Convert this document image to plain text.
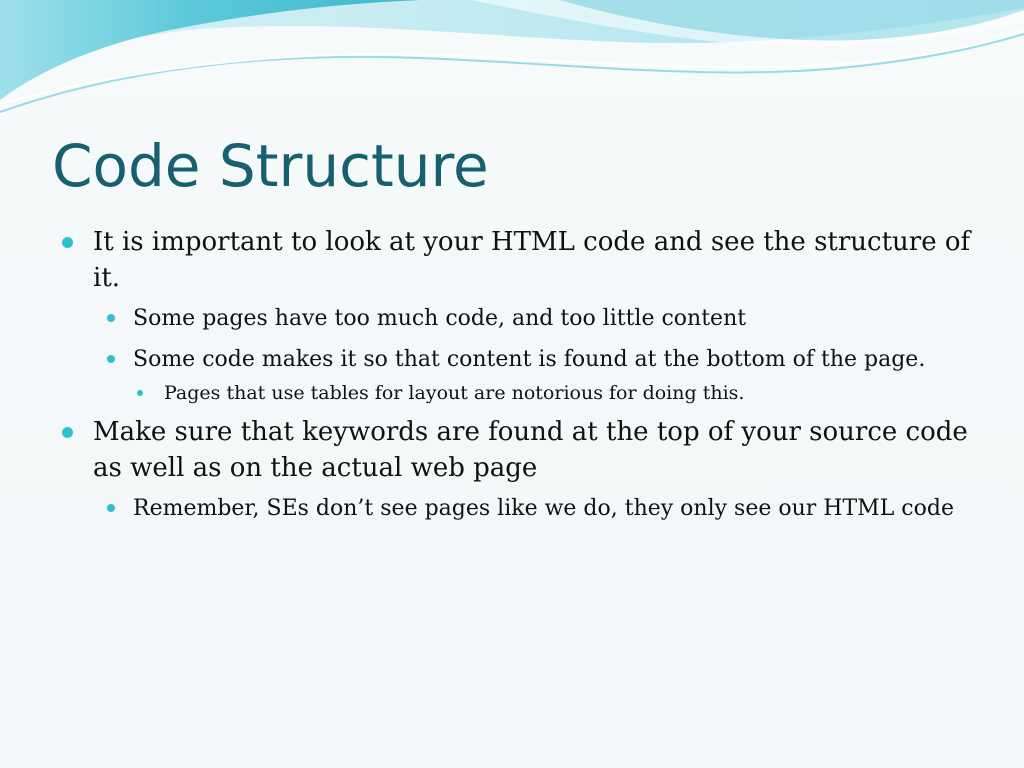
Code Structure
It is important to look at your HTML code and see the structure of it.
Some pages have too much code, and too little content
Some code makes it so that content is found at the bottom of the page.
Pages that use tables for layout are notorious for doing this.
Make sure that keywords are found at the top of your source code as well as on the actual web page
Remember, SEs don’t see pages like we do, they only see our HTML code
